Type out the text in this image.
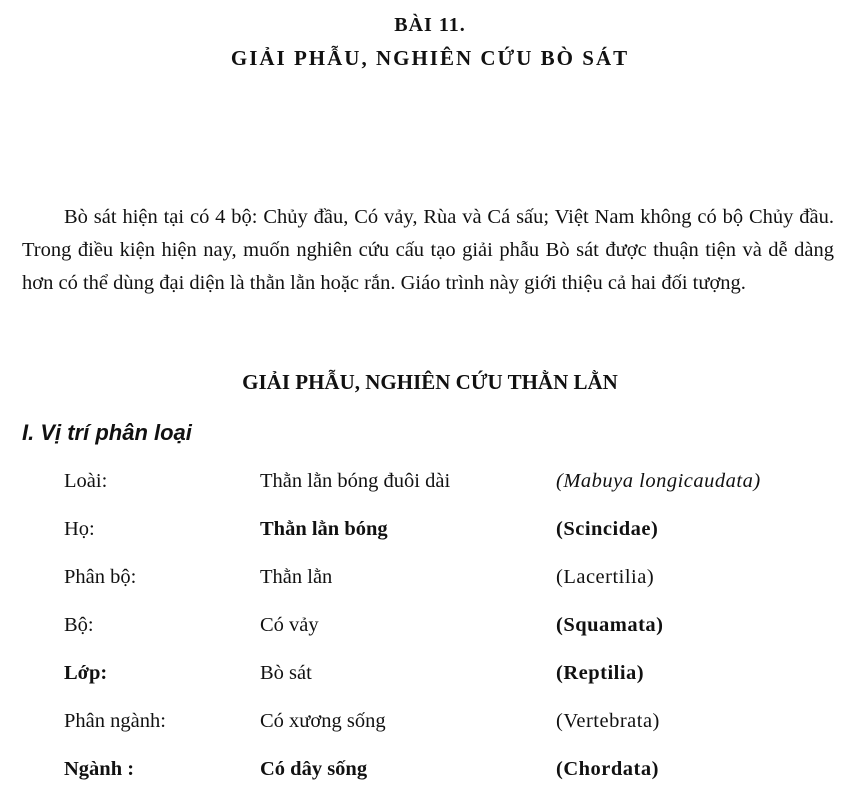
BÀI 11.
GIẢI PHẪU, NGHIÊN CỨU BÒ SÁT

Bò sát hiện tại có 4 bộ: Chủy đầu, Có vảy, Rùa và Cá sấu; Việt Nam không có bộ Chủy đầu. Trong điều kiện hiện nay, muốn nghiên cứu cấu tạo giải phẫu Bò sát được thuận tiện và dễ dàng hơn có thể dùng đại diện là thằn lằn hoặc rắn. Giáo trình này giới thiệu cả hai đối tượng.

GIẢI PHẪU, NGHIÊN CỨU THẰN LẰN
I. Vị trí phân loại
Loài:	Thằn lằn bóng đuôi dài	(Mabuya longicaudata)
Họ:	Thằn lằn bóng	(Scincidae)
Phân bộ:	Thằn lằn	(Lacertilia)
Bộ:	Có vảy	(Squamata)
Lớp:	Bò sát	(Reptilia)
Phân ngành:	Có xương sống	(Vertebrata)
Ngành :	Có dây sống	(Chordata)
